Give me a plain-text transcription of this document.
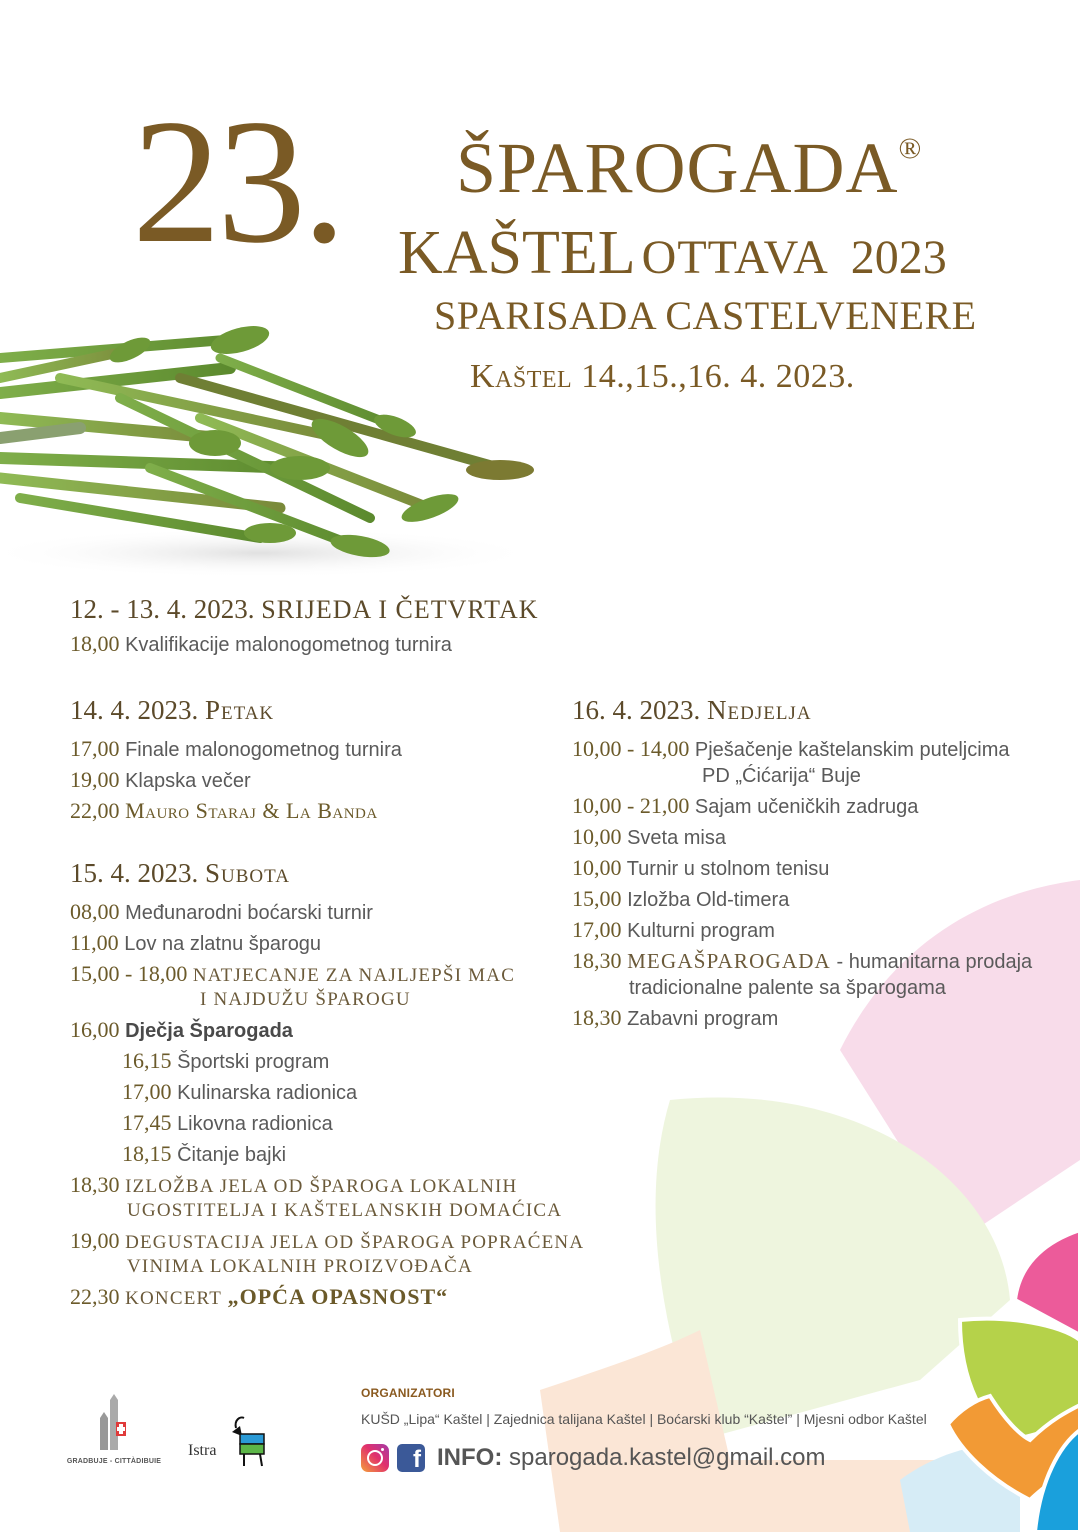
23. ŠPAROGADA®
KAŠTEL OTTAVA 2023
SPARISADA CASTELVENERE
Kaštel 14.,15.,16. 4. 2023.
12. - 13. 4. 2023. SRIJEDA I ČETVRTAK
18,00 Kvalifikacije malonogometnog turnira
14. 4. 2023. Petak
17,00 Finale malonogometnog turnira
19,00 Klapska večer
22,00 Mauro Staraj & La Banda
15. 4. 2023. Subota
08,00 Međunarodni boćarski turnir
11,00 Lov na zlatnu šparogu
15,00 - 18,00 NATJECANJE ZA NAJLJEPŠI MAC
I NAJDUŽU ŠPAROGU
16,00 Dječja Šparogada
16,15 Športski program
17,00 Kulinarska radionica
17,45 Likovna radionica
18,15 Čitanje bajki
18,30 IZLOŽBA JELA OD ŠPAROGA LOKALNIH
UGOSTITELJA I KAŠTELANSKIH DOMAĆICA
19,00 DEGUSTACIJA JELA OD ŠPAROGA POPRAĆENA
VINIMA LOKALNIH PROIZVOĐAČA
22,30 KONCERT „OPĆA OPASNOST“
16. 4. 2023. Nedjelja
10,00 - 14,00 Pješačenje kaštelanskim puteljcima
PD „Ćićarija“ Buje
10,00 - 21,00 Sajam učeničkih zadruga
10,00 Sveta misa
10,00 Turnir u stolnom tenisu
15,00 Izložba Old-timera
17,00 Kulturni program
18,30 MEGAŠPAROGADA - humanitarna prodaja
tradicionalne palente sa šparogama
18,30 Zabavni program
GRADBUJE - CITTÀDIBUIE
Istra
ORGANIZATORI
KUŠD „Lipa“ Kaštel | Zajednica talijana Kaštel | Boćarski klub “Kaštel” | Mjesni odbor Kaštel
f INFO: sparogada.kastel@gmail.com
